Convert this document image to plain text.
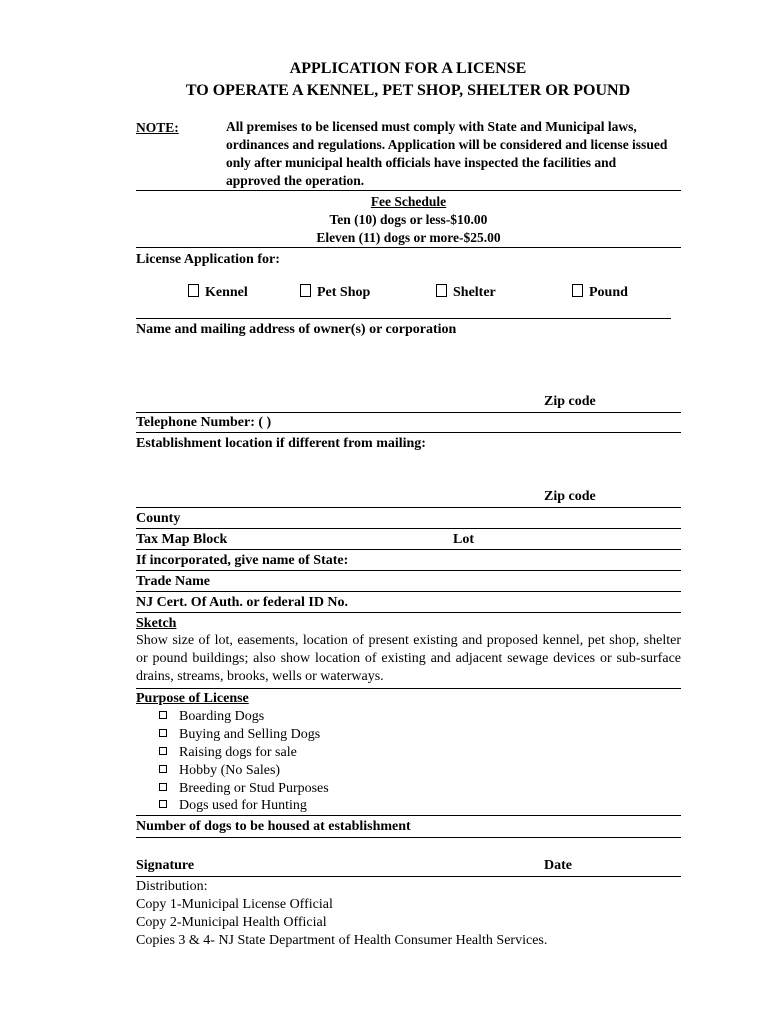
APPLICATION FOR A LICENSE
TO OPERATE A KENNEL, PET SHOP, SHELTER OR POUND
NOTE:	All premises to be licensed must comply with State and Municipal laws, ordinances and regulations. Application will be considered and license issued only after municipal health officials have inspected the facilities and approved the operation.
Fee Schedule
Ten (10) dogs or less-$10.00
Eleven (11) dogs or more-$25.00
License Application for:
Kennel	Pet Shop	Shelter	Pound
Name and mailing address of owner(s) or corporation
Zip code
Telephone Number: ( )
Establishment location if different from mailing:
Zip code
County
Tax Map Block	Lot
If incorporated, give name of State:
Trade Name
NJ Cert. Of Auth. or federal ID No.
Sketch
Show size of lot, easements, location of present existing and proposed kennel, pet shop, shelter or pound buildings; also show location of existing and adjacent sewage devices or sub-surface drains, streams, brooks, wells or waterways.
Purpose of License
Boarding Dogs
Buying and Selling Dogs
Raising dogs for sale
Hobby (No Sales)
Breeding or Stud Purposes
Dogs used for Hunting
Number of dogs to be housed at establishment
Signature	Date
Distribution:
Copy 1-Municipal License Official
Copy 2-Municipal Health Official
Copies 3 & 4- NJ State Department of Health Consumer Health Services.
